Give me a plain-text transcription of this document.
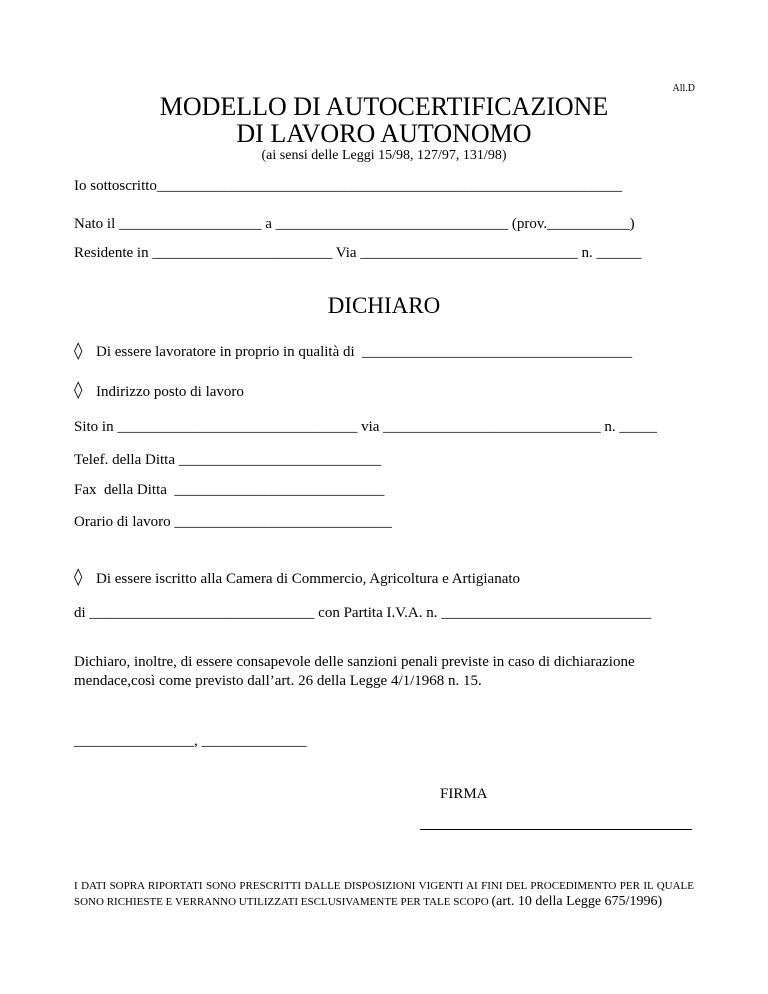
All.D
MODELLO DI AUTOCERTIFICAZIONE
DI LAVORO AUTONOMO
(ai sensi delle Leggi 15/98, 127/97, 131/98)
Io sottoscritto______________________________________________________________
Nato il ___________________ a _______________________________ (prov.___________)
Residente in ________________________ Via _____________________________ n. ______
DICHIARO
◊ Di essere lavoratore in proprio in qualità di  ____________________________________
◊ Indirizzo posto di lavoro
Sito in ________________________________ via _____________________________ n. _____
Telef. della Ditta ___________________________
Fax  della Ditta  ____________________________
Orario di lavoro _____________________________
◊ Di essere iscritto alla Camera di Commercio, Agricoltura e Artigianato
di ______________________________ con Partita I.V.A. n. ____________________________
Dichiaro, inoltre, di essere consapevole delle sanzioni penali previste in caso di dichiarazione mendace,così come previsto dall’art. 26 della Legge 4/1/1968 n. 15.
________________, ______________
FIRMA
I DATI SOPRA RIPORTATI SONO PRESCRITTI DALLE DISPOSIZIONI VIGENTI AI FINI DEL PROCEDIMENTO PER IL QUALE SONO RICHIESTE E VERRANNO UTILIZZATI ESCLUSIVAMENTE PER TALE SCOPO (art. 10 della Legge 675/1996)
